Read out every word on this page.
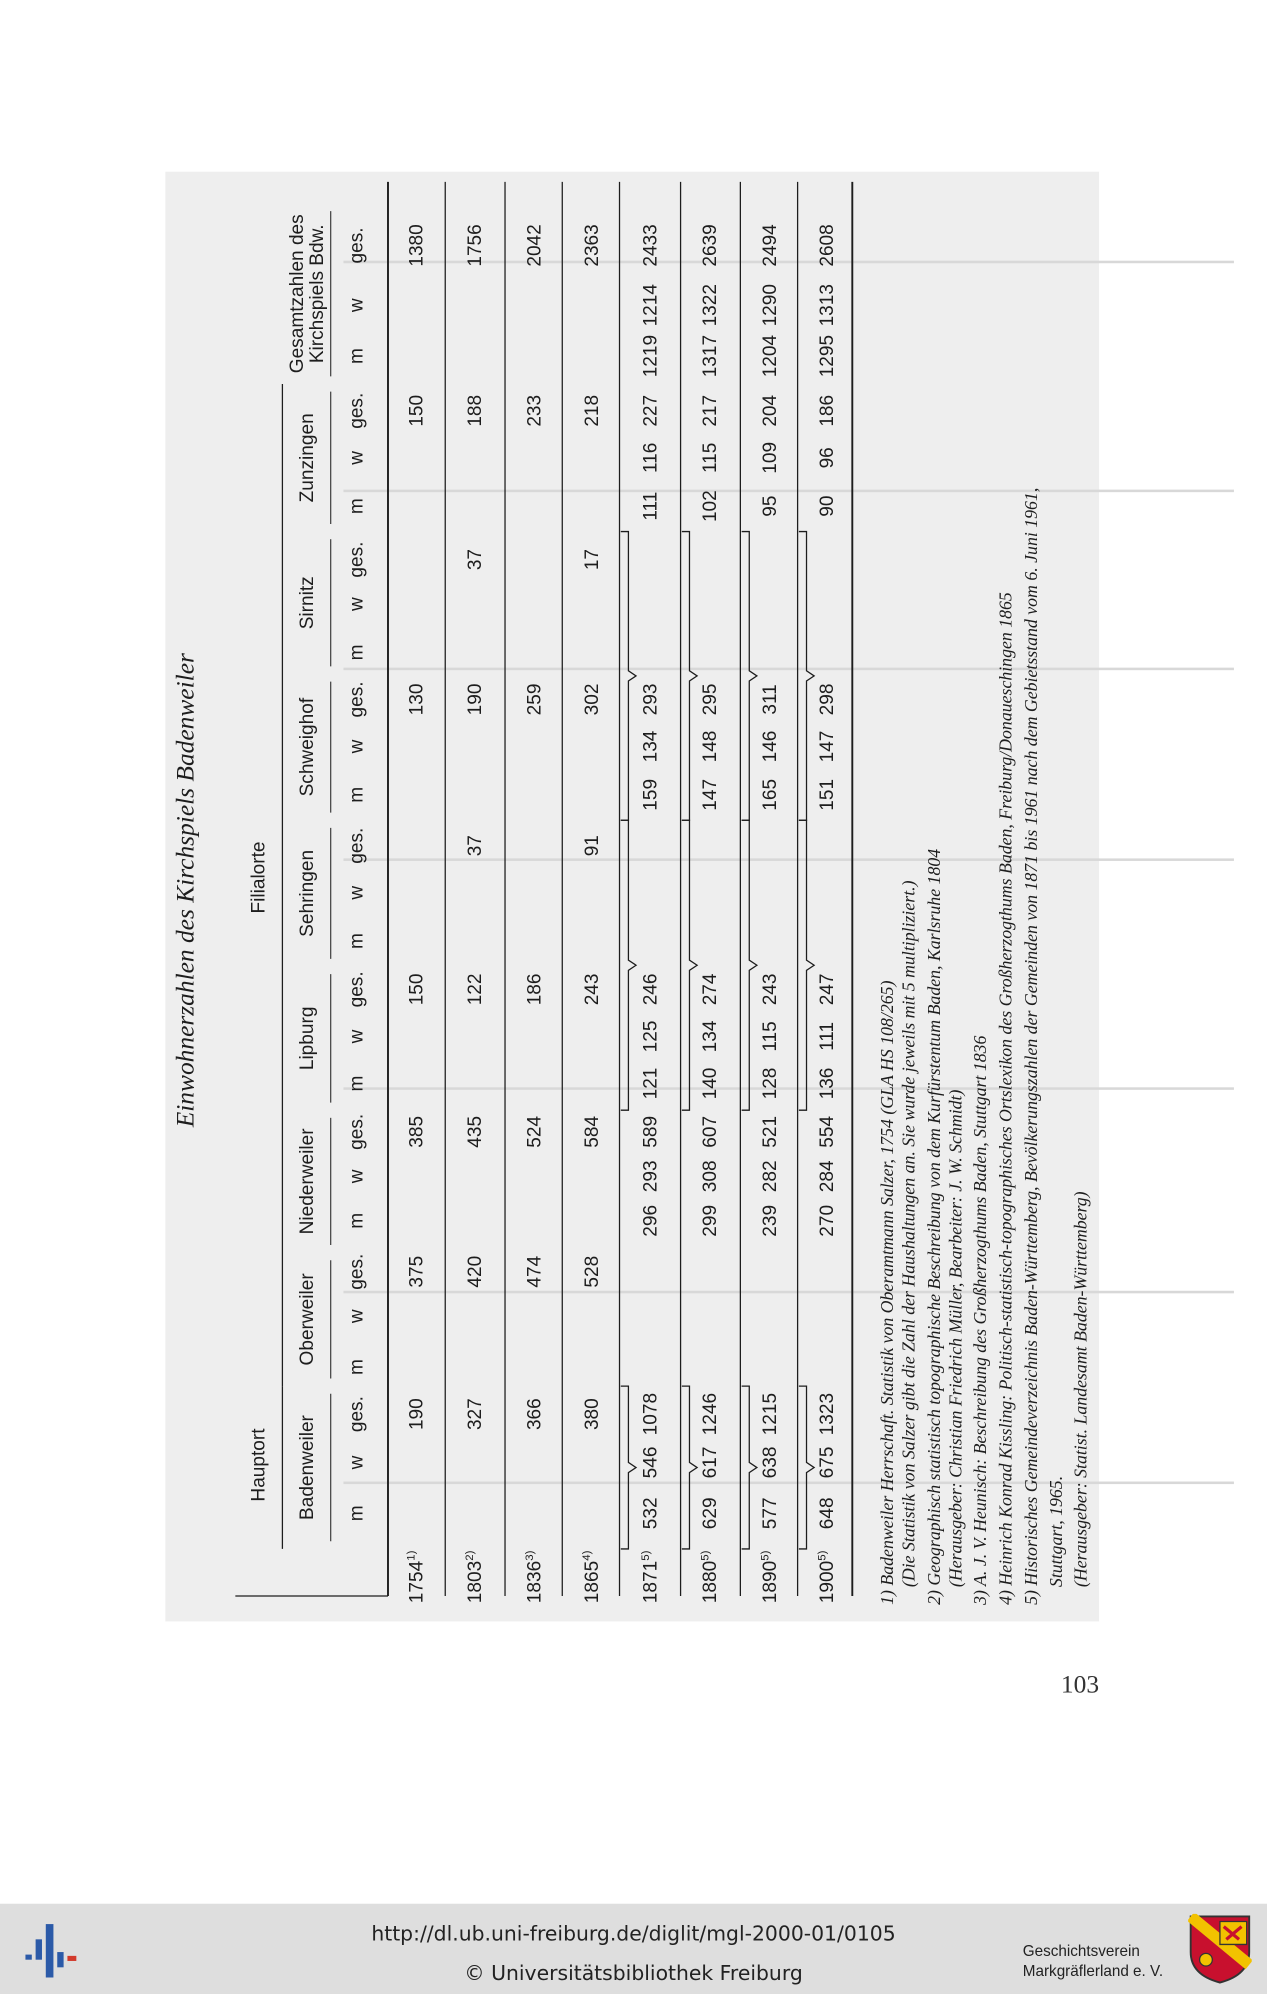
Einwohnerzahlen des Kirchspiels Badenweiler
Hauptort
Filialorte
Badenweiler m
w
ges.
Oberweiler
m
w
ges.
Niederweiler m
w
ges.
Lipburg
m
w
ges.
Sehringen
m
w
ges.
Schweighof m
w
ges.
Sirnitz
m
w
ges.
Zunzingen
m
w
ges.
Gesamtzahlen des Kirchspiels Bdw. m
w
ges.
1754$^{1)}$
190
375
385
150
130
150
1380
1803$^{2)}$
327
420
435
122
37
190
37
188
1756
1836$^{3)}$
366
474
524
186
259
233
2042
1865$^{4)}$
380
528
584
243
91
302
17
218
2363
1871$^{5)}$
532
546
1078
296
293
589
121
125
246
159
134
293
111
116
227
1219
1214
2433
1880$^{5)}$
629
617
1246
299
308
607
140
134
274
147
148
295
102
115
217
1317
1322
2639
1890$^{5)}$
577
638
1215
239
282
521
128
115
243
165
146
311
95
109
204
1204
1290
2494
1900$^{5)}$
648
675
1323
270
284
554
136
111
247
151
147
298
90
96
186
1295
1313
2608
1) Badenweiler Herrschaft. Statistik von Oberamtmann Salzer, 1754 (GLA HS 108/265) (Die Statistik von Salzer gibt die Zahl der Haushaltungen an. Sie wurde jeweils mit 5 multipliziert.) 2) Geographisch statistisch topographische Beschreibung von dem Kurfürstentum Baden, Karlsruhe 1804 (Herausgeber: Christian Friedrich Müller, Bearbeiter: J. W. Schmidt) 3) A. J. V. Heunisch: Beschreibung des Großherzogthums Baden, Stuttgart 1836 4) Heinrich Konrad Kissling: Politisch-statistisch-topographisches Ortslexikon des Großherzogthums Baden, Freiburg/Donaueschingen 1865 5) Historisches Gemeindeverzeichnis Baden-Württemberg, Bevölkerungszahlen der Gemeinden von 1871 bis 1961 nach dem Gebietsstand vom 6. Juni 1961, Stuttgart, 1965. (Herausgeber: Statist. Landesamt Baden-Württemberg)
103
http://dl.ub.uni-freiburg.de/diglit/mgl-2000-01/0105
© Universitätsbibliothek Freiburg
Geschichtsverein
Markgräflerland e. V.
